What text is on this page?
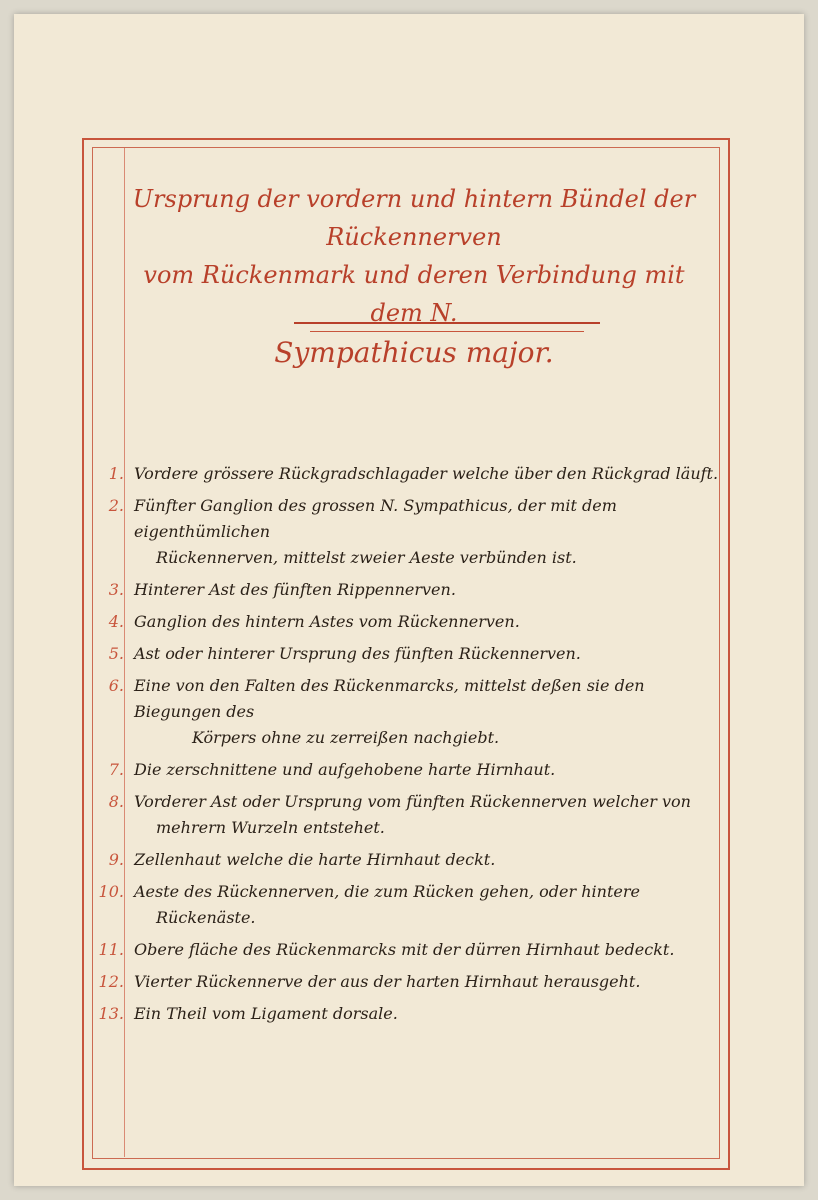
Ursprung der vordern und hintern Bündel der Rückennerven
vom Rückenmark und deren Verbindung mit dem N.
Sympathicus major.
1. Vordere grössere Rückgradschlagader welche über den Rückgrad läuft.
2. Fünfter Ganglion des grossen N. Sympathicus, der mit dem eigenthümlichen
Rückennerven, mittelst zweier Aeste verbünden ist.
3. Hinterer Ast des fünften Rippennerven.
4. Ganglion des hintern Astes vom Rückennerven.
5. Ast oder hinterer Ursprung des fünften Rückennerven.
6. Eine von den Falten des Rückenmarcks, mittelst deßen sie den Biegungen des
Körpers ohne zu zerreißen nachgiebt.
7. Die zerschnittene und aufgehobene harte Hirnhaut.
8. Vorderer Ast oder Ursprung vom fünften Rückennerven welcher von
mehrern Wurzeln entstehet.
9. Zellenhaut welche die harte Hirnhaut deckt.
10. Aeste des Rückennerven, die zum Rücken gehen, oder hintere
Rückenäste.
11. Obere fläche des Rückenmarcks mit der dürren Hirnhaut bedeckt.
12. Vierter Rückennerve der aus der harten Hirnhaut herausgeht.
13. Ein Theil vom Ligament dorsale.
